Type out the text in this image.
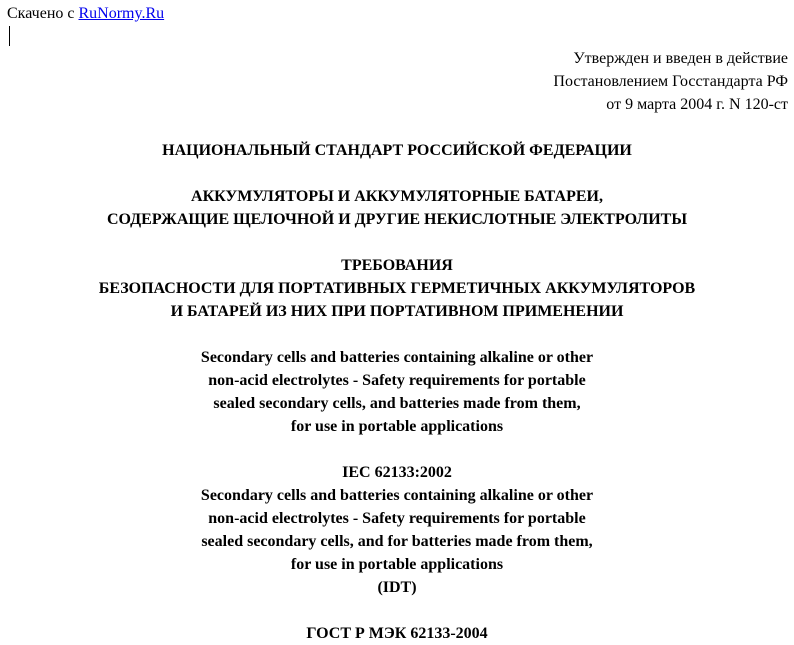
Скачено с RuNormy.Ru
Утвержден и введен в действие
Постановлением Госстандарта РФ
от 9 марта 2004 г. N 120-ст
НАЦИОНАЛЬНЫЙ СТАНДАРТ РОССИЙСКОЙ ФЕДЕРАЦИИ
АККУМУЛЯТОРЫ И АККУМУЛЯТОРНЫЕ БАТАРЕИ,
СОДЕРЖАЩИЕ ЩЕЛОЧНОЙ И ДРУГИЕ НЕКИСЛОТНЫЕ ЭЛЕКТРОЛИТЫ
ТРЕБОВАНИЯ
БЕЗОПАСНОСТИ ДЛЯ ПОРТАТИВНЫХ ГЕРМЕТИЧНЫХ АККУМУЛЯТОРОВ
И БАТАРЕЙ ИЗ НИХ ПРИ ПОРТАТИВНОМ ПРИМЕНЕНИИ
Secondary cells and batteries containing alkaline or other
non-acid electrolytes - Safety requirements for portable
sealed secondary cells, and batteries made from them,
for use in portable applications
IEC 62133:2002
Secondary cells and batteries containing alkaline or other
non-acid electrolytes - Safety requirements for portable
sealed secondary cells, and for batteries made from them,
for use in portable applications
(IDT)
ГОСТ Р МЭК 62133-2004
